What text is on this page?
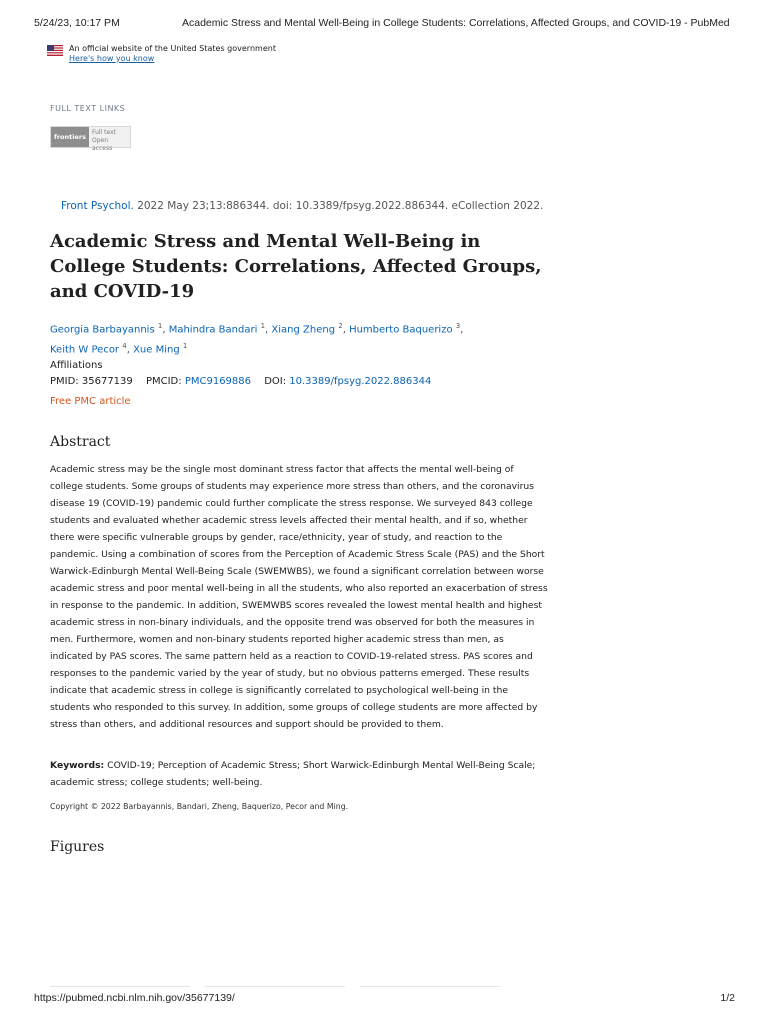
5/24/23, 10:17 PM	Academic Stress and Mental Well-Being in College Students: Correlations, Affected Groups, and COVID-19 - PubMed
An official website of the United States government
Here's how you know
FULL TEXT LINKS
frontiers
Full text
Open access
Front Psychol. 2022 May 23;13:886344. doi: 10.3389/fpsyg.2022.886344. eCollection 2022.
Academic Stress and Mental Well-Being in College Students: Correlations, Affected Groups, and COVID-19
Georgia Barbayannis $^1$, Mahindra Bandari $^1$, Xiang Zheng $^2$, Humberto Baquerizo $^3$,
Keith W Pecor $^4$, Xue Ming $^1$
Affiliations
PMID: 35677139 PMCID: PMC9169886 DOI: 10.3389/fpsyg.2022.886344
Free PMC article
Abstract

Academic stress may be the single most dominant stress factor that affects the mental well-being of college students. Some groups of students may experience more stress than others, and the coronavirus disease 19 (COVID-19) pandemic could further complicate the stress response. We surveyed 843 college students and evaluated whether academic stress levels affected their mental health, and if so, whether there were specific vulnerable groups by gender, race/ethnicity, year of study, and reaction to the pandemic. Using a combination of scores from the Perception of Academic Stress Scale (PAS) and the Short Warwick-Edinburgh Mental Well-Being Scale (SWEMWBS), we found a significant correlation between worse academic stress and poor mental well-being in all the students, who also reported an exacerbation of stress in response to the pandemic. In addition, SWEMWBS scores revealed the lowest mental health and highest academic stress in non-binary individuals, and the opposite trend was observed for both the measures in men. Furthermore, women and non-binary students reported higher academic stress than men, as indicated by PAS scores. The same pattern held as a reaction to COVID-19-related stress. PAS scores and responses to the pandemic varied by the year of study, but no obvious patterns emerged. These results indicate that academic stress in college is significantly correlated to psychological well-being in the students who responded to this survey. In addition, some groups of college students are more affected by stress than others, and additional resources and support should be provided to them.

Keywords: COVID-19; Perception of Academic Stress; Short Warwick-Edinburgh Mental Well-Being Scale; academic stress; college students; well-being.
Copyright © 2022 Barbayannis, Bandari, Zheng, Baquerizo, Pecor and Ming.
Figures
https://pubmed.ncbi.nlm.nih.gov/35677139/	1/2
